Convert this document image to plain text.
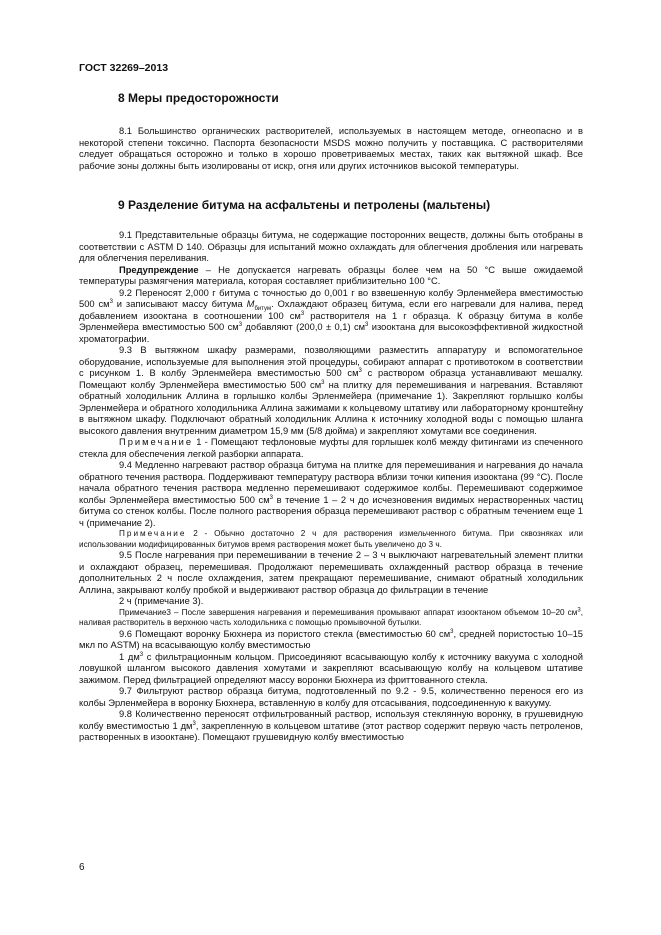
ГОСТ 32269–2013
8 Меры предосторожности

8.1 Большинство органических растворителей, используемых в настоящем методе, огнеопасно и в некоторой степени токсично. Паспорта безопасности MSDS можно получить у поставщика. С растворителями следует обращаться осторожно и только в хорошо проветриваемых местах, таких как вытяжной шкаф. Все рабочие зоны должны быть изолированы от искр, огня или других источников высокой температуры.

9 Разделение битума на асфальтены и петролены (мальтены)

9.1 Представительные образцы битума, не содержащие посторонних веществ, должны быть отобраны в соответствии с ASTM D 140. Образцы для испытаний можно охлаждать для облегчения дробления или нагревать для облегчения переливания.

Предупреждение – Не допускается нагревать образцы более чем на 50 °С выше ожидаемой температуры размягчения материала, которая составляет приблизительно 100 °С.

9.2 Переносят 2,000 г битума с точностью до 0,001 г во взвешенную колбу Эрленмейера вместимостью 500 $см^3$ и записывают массу битума $M_{битум}$. Охлаждают образец битума, если его нагревали для налива, перед добавлением изооктана в соотношении 100 $см^3$ растворителя на 1 г образца. К образцу битума в колбе Эрленмейера вместимостью 500 $см^3$ добавляют (200,0 ± 0,1) $см^3$ изооктана для высокоэффективной жидкостной хроматографии.

9.3 В вытяжном шкафу размерами, позволяющими разместить аппаратуру и вспомогательное оборудование, используемые для выполнения этой процедуры, собирают аппарат с противотоком в соответствии с рисунком 1. В колбу Эрленмейера вместимостью 500 $см^3$ с раствором образца устанавливают мешалку. Помещают колбу Эрленмейера вместимостью 500 $см^3$ на плитку для перемешивания и нагревания. Вставляют обратный холодильник Аллина в горлышко колбы Эрленмейера (примечание 1). Закрепляют горлышко колбы Эрленмейера и обратного холодильника Аллина зажимами к кольцевому штативу или лабораторному кронштейну в вытяжном шкафу. Подключают обратный холодильник Аллина к источнику холодной воды с помощью шланга высокого давления внутренним диаметром 15,9 мм (5/8 дюйма) и закрепляют хомутами все соединения.

Примечание 1 - Помещают тефлоновые муфты для горлышек колб между фитингами из спеченного стекла для обеспечения легкой разборки аппарата.

9.4 Медленно нагревают раствор образца битума на плитке для перемешивания и нагревания до начала обратного течения раствора. Поддерживают температуру раствора вблизи точки кипения изооктана (99 °С). После начала обратного течения раствора медленно перемешивают содержимое колбы. Перемешивают содержимое колбы Эрленмейера вместимостью 500 $см^3$ в течение 1 – 2 ч до исчезновения видимых нерастворенных частиц битума со стенок колбы. После полного растворения образца перемешивают раствор с обратным течением еще 1 ч (примечание 2).

Примечание 2 - Обычно достаточно 2 ч для растворения измельченного битума. При сквозняках или использовании модифицированных битумов время растворения может быть увеличено до 3 ч.

9.5 После нагревания при перемешивании в течение 2 – 3 ч выключают нагревательный элемент плитки и охлаждают образец, перемешивая. Продолжают перемешивать охлажденный раствор образца в течение дополнительных 2 ч после охлаждения, затем прекращают перемешивание, снимают обратный холодильник Аллина, закрывают колбу пробкой и выдерживают раствор образца до фильтрации в течение

2 ч (примечание 3).

Примечание3 – После завершения нагревания и перемешивания промывают аппарат изооктаном объемом 10–20 $см^3$, наливая растворитель в верхнюю часть холодильника с помощью промывочной бутылки.

9.6 Помещают воронку Бюхнера из пористого стекла (вместимостью 60 $см^3$, средней пористостью 10–15 мкл по ASTM) на всасывающую колбу вместимостью

1 $дм^3$ с фильтрационным кольцом. Присоединяют всасывающую колбу к источнику вакуума с холодной ловушкой шлангом высокого давления хомутами и закрепляют всасывающую колбу на кольцевом штативе зажимом. Перед фильтрацией определяют массу воронки Бюхнера из фриттованного стекла.

9.7 Фильтруют раствор образца битума, подготовленный по 9.2 - 9.5, количественно перенося его из колбы Эрленмейера в воронку Бюхнера, вставленную в колбу для отсасывания, подсоединенную к вакууму.

9.8 Количественно переносят отфильтрованный раствор, используя стеклянную воронку, в грушевидную колбу вместимостью 1 $дм^3$, закрепленную в кольцевом штативе (этот раствор содержит первую часть петроленов, растворенных в изооктане). Помещают грушевидную колбу вместимостью

6
